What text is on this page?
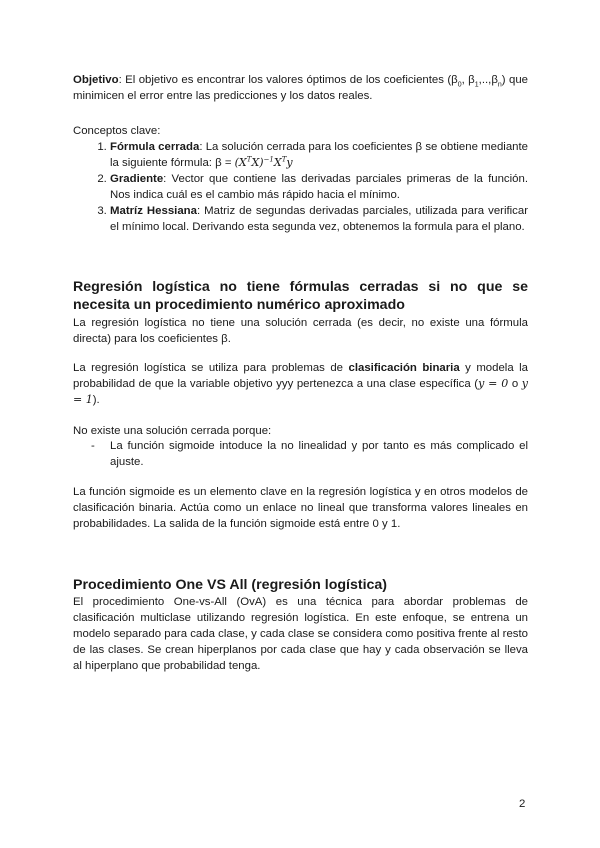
Objetivo: El objetivo es encontrar los valores óptimos de los coeficientes ($\beta_0$, $\beta_1,..,\beta_n$) que minimicen el error entre las predicciones y los datos reales.
Conceptos clave:
1. Fórmula cerrada: La solución cerrada para los coeficientes β se obtiene mediante la siguiente fórmula: $\beta = (X^TX)^{-1}X^Ty$
2. Gradiente: Vector que contiene las derivadas parciales primeras de la función. Nos indica cuál es el cambio más rápido hacia el mínimo.
3. Matríz Hessiana: Matriz de segundas derivadas parciales, utilizada para verificar el mínimo local. Derivando esta segunda vez, obtenemos la formula para el plano.
Regresión logística no tiene fórmulas cerradas si no que se necesita un procedimiento numérico aproximado
La regresión logística no tiene una solución cerrada (es decir, no existe una fórmula directa) para los coeficientes β.
La regresión logística se utiliza para problemas de clasificación binaria y modela la probabilidad de que la variable objetivo yyy pertenezca a una clase específica (y = 0 o y = 1).
No existe una solución cerrada porque:
- La función sigmoide intoduce la no linealidad y por tanto es más complicado el ajuste.
La función sigmoide es un elemento clave en la regresión logística y en otros modelos de clasificación binaria. Actúa como un enlace no lineal que transforma valores lineales en probabilidades. La salida de la función sigmoide está entre 0 y 1.
Procedimiento One VS All (regresión logística)
El procedimiento One-vs-All (OvA) es una técnica para abordar problemas de clasificación multiclase utilizando regresión logística. En este enfoque, se entrena un modelo separado para cada clase, y cada clase se considera como positiva frente al resto de las clases. Se crean hiperplanos por cada clase que hay y cada observación se lleva al hiperplano que probabilidad tenga.
2
